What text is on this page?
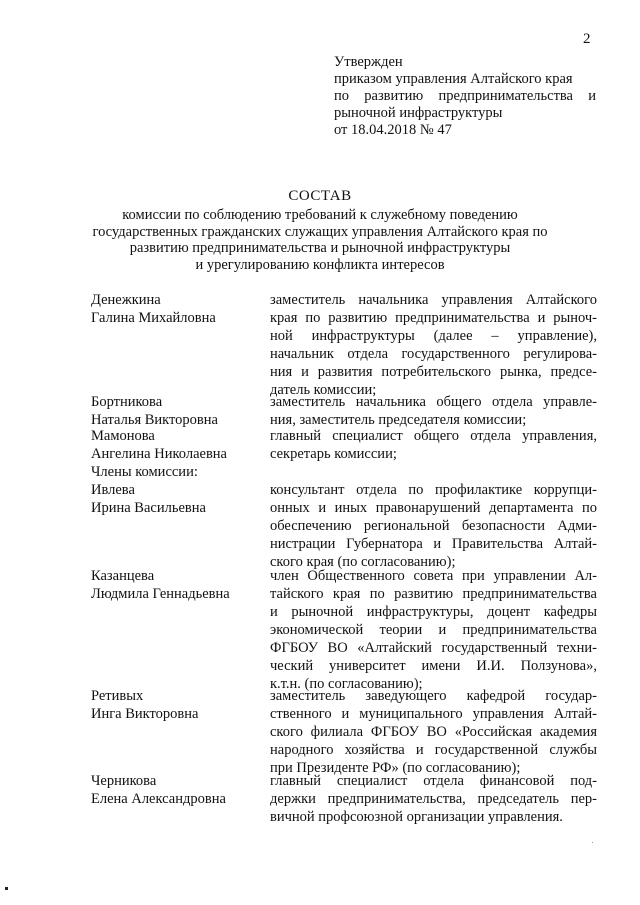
2
Утвержден
приказом управления Алтайского края
по развитию предпринимательства и
рыночной инфраструктуры
от 18.04.2018 № 47
СОСТАВ
комиссии по соблюдению требований к служебному поведению
государственных гражданских служащих управления Алтайского края по
развитию предпринимательства и рыночной инфраструктуры
и урегулированию конфликта интересов
Денежкина
Галина Михайловна
заместитель начальника управления Алтайского
края по развитию предпринимательства и рыноч-
ной инфраструктуры (далее – управление),
начальник отдела государственного регулирова-
ния и развития потребительского рынка, предсе-
датель комиссии;
Бортникова
Наталья Викторовна
заместитель начальника общего отдела управле-
ния, заместитель председателя комиссии;
Мамонова
Ангелина Николаевна
главный специалист общего отдела управления,
секретарь комиссии;
Члены комиссии:
Ивлева
Ирина Васильевна
консультант отдела по профилактике коррупци-
онных и иных правонарушений департамента по
обеспечению региональной безопасности Адми-
нистрации Губернатора и Правительства Алтай-
ского края (по согласованию);
Казанцева
Людмила Геннадьевна
член Общественного совета при управлении Ал-
тайского края по развитию предпринимательства
и рыночной инфраструктуры, доцент кафедры
экономической теории и предпринимательства
ФГБОУ ВО «Алтайский государственный техни-
ческий университет имени И.И. Ползунова»,
к.т.н. (по согласованию);
Ретивых
Инга Викторовна
заместитель заведующего кафедрой государ-
ственного и муниципального управления Алтай-
ского филиала ФГБОУ ВО «Российская академия
народного хозяйства и государственной службы
при Президенте РФ» (по согласованию);
Черникова
Елена Александровна
главный специалист отдела финансовой под-
держки предпринимательства, председатель пер-
вичной профсоюзной организации управления.
